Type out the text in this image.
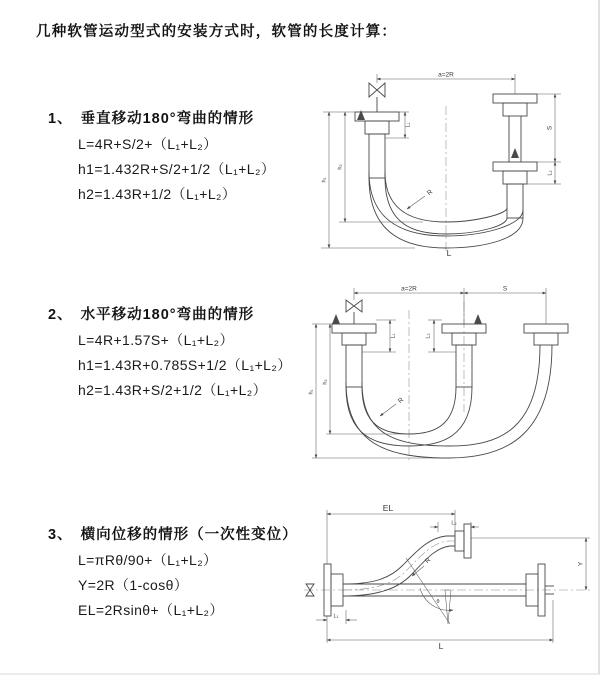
几种软管运动型式的安装方式时，软管的长度计算：
1、 垂直移动180°弯曲的情形
L=4R+S/2+（L₁+L₂）
h1=1.432R+S/2+1/2（L₁+L₂）
h2=1.43R+1/2（L₁+L₂）
2、 水平移动180°弯曲的情形
L=4R+1.57S+（L₁+L₂）
h1=1.43R+0.785S+1/2（L₁+L₂）
h2=1.43R+S/2+1/2（L₁+L₂）
3、 横向位移的情形（一次性变位）
L=πRθ/90+（L₁+L₂）
Y=2R（1-cosθ）
EL=2Rsinθ+（L₁+L₂）
a=2R
S
L₂
L₁
h₁
h₂
R
L
a=2R	S
L₁	L₂
h₁
h₂
R
θ
R
EL
L₂
Y
L₁
L
